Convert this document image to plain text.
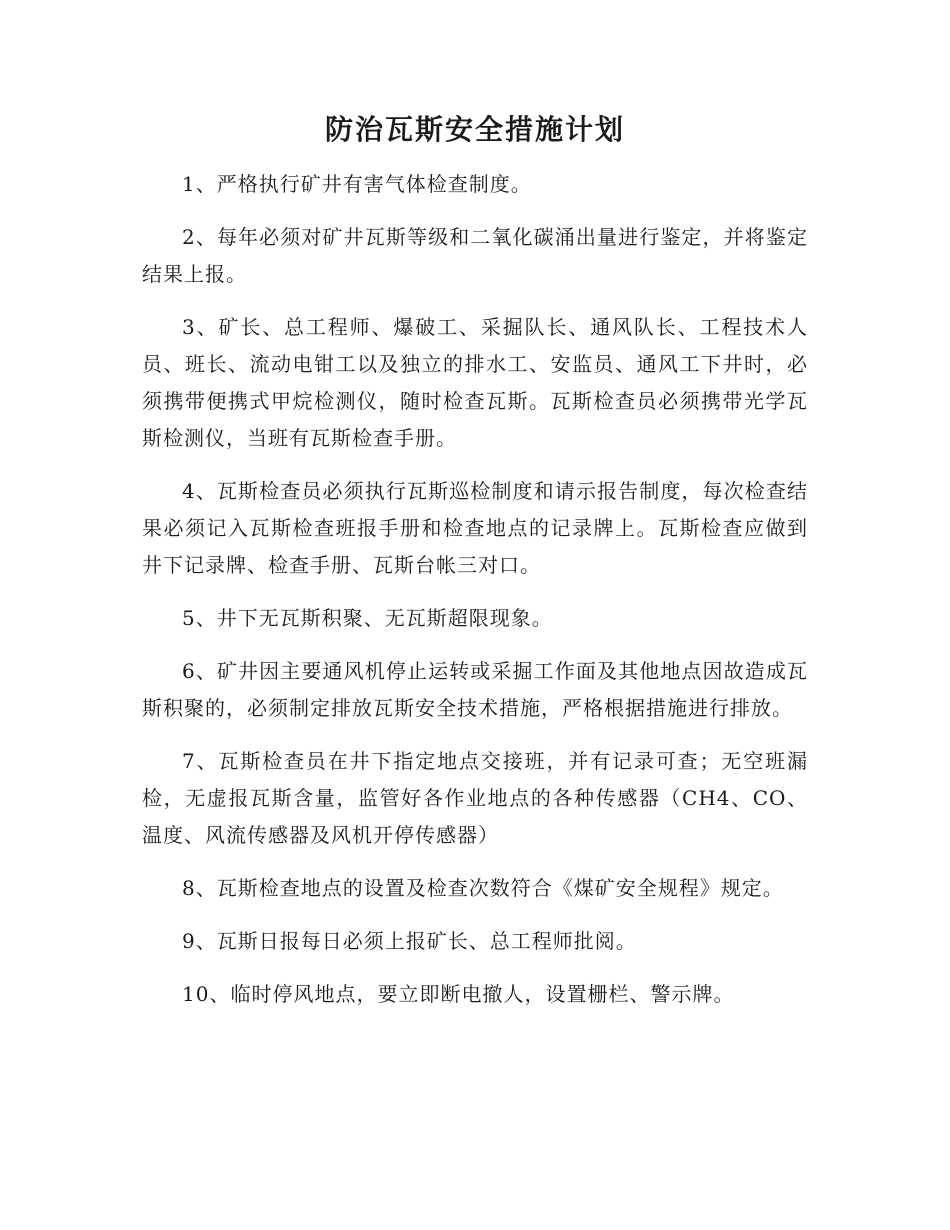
防治瓦斯安全措施计划

1、严格执行矿井有害气体检查制度。

2、每年必须对矿井瓦斯等级和二氧化碳涌出量进行鉴定，并将鉴定结果上报。

3、矿长、总工程师、爆破工、采掘队长、通风队长、工程技术人员、班长、流动电钳工以及独立的排水工、安监员、通风工下井时，必须携带便携式甲烷检测仪，随时检查瓦斯。瓦斯检查员必须携带光学瓦斯检测仪，当班有瓦斯检查手册。

4、瓦斯检查员必须执行瓦斯巡检制度和请示报告制度，每次检查结果必须记入瓦斯检查班报手册和检查地点的记录牌上。瓦斯检查应做到井下记录牌、检查手册、瓦斯台帐三对口。

5、井下无瓦斯积聚、无瓦斯超限现象。

6、矿井因主要通风机停止运转或采掘工作面及其他地点因故造成瓦斯积聚的，必须制定排放瓦斯安全技术措施，严格根据措施进行排放。

7、瓦斯检查员在井下指定地点交接班，并有记录可查；无空班漏检，无虚报瓦斯含量，监管好各作业地点的各种传感器（CH4、CO、温度、风流传感器及风机开停传感器）

8、瓦斯检查地点的设置及检查次数符合《煤矿安全规程》规定。

9、瓦斯日报每日必须上报矿长、总工程师批阅。

10、临时停风地点，要立即断电撤人，设置栅栏、警示牌。
